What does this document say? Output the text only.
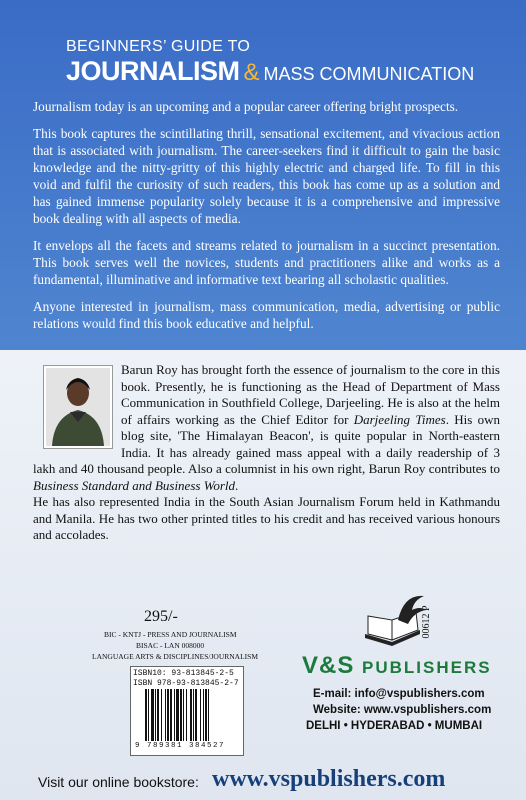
BEGINNERS’ GUIDE TO
JOURNALISM & MASS COMMUNICATION

Journalism today is an upcoming and a popular career offering bright prospects.

This book captures the scintillating thrill, sensational excitement, and vivacious action that is associated with journalism. The career-seekers find it difficult to gain the basic knowledge and the nitty-gritty of this highly electric and charged life. To fill in this void and fulfil the curiosity of such readers, this book has come up as a solution and has gained immense popularity solely because it is a comprehensive and impressive book dealing with all aspects of media.

It envelops all the facets and streams related to journalism in a succinct presentation. This book serves well the novices, students and practitioners alike and works as a fundamental, illuminative and informative text bearing all scholastic qualities.

Anyone interested in journalism, mass communication, media, advertising or public relations would find this book educative and helpful.

Barun Roy has brought forth the essence of journalism to the core in this book. Presently, he is functioning as the Head of Department of Mass Communication in Southfield College, Darjeeling. He is also at the helm of affairs working as the Chief Editor for Darjeeling Times. His own blog site, 'The Himalayan Beacon', is quite popular in North-eastern India. It has already gained mass appeal with a daily readership of 3 lakh and 40 thousand people. Also a columnist in his own right, Barun Roy contributes to Business Standard and Business World.

He has also represented India in the South Asian Journalism Forum held in Kathmandu and Manila. He has two other printed titles to his credit and has received various honours and accolades.

295/-
BIC - KNTJ - PRESS AND JOURNALISM
BISAC - LAN 008000
LANGUAGE ARTS & DISCIPLINES/JOURNALISM
ISBN10: 93-813845-2-5
ISBN 978-93-813845-2-7
9 789381 384527
00612 P
V&S PUBLISHERS
E-mail: info@vspublishers.com
Website: www.vspublishers.com
DELHI • HYDERABAD • MUMBAI
Visit our online bookstore: www.vspublishers.com
